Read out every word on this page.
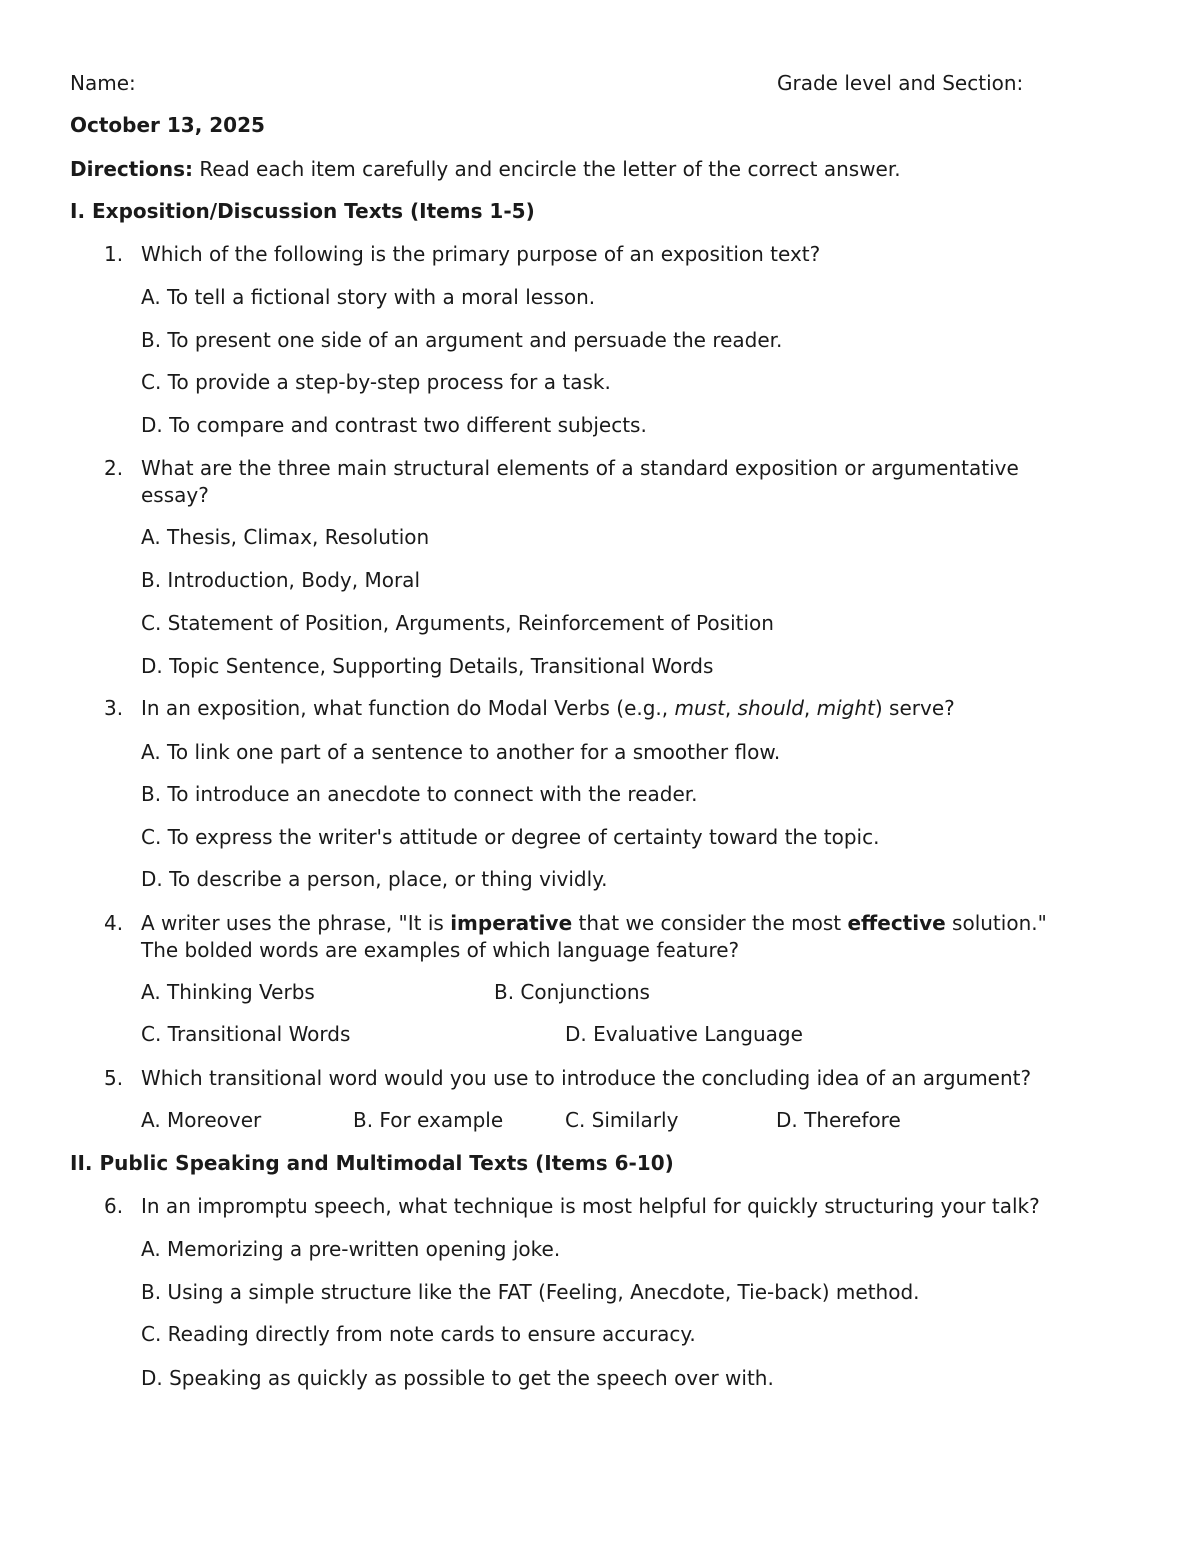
Name:	Grade level and Section:
October 13, 2025
Directions: Read each item carefully and encircle the letter of the correct answer.
I. Exposition/Discussion Texts (Items 1-5)
1. Which of the following is the primary purpose of an exposition text?
A. To tell a fictional story with a moral lesson.
B. To present one side of an argument and persuade the reader.
C. To provide a step-by-step process for a task.
D. To compare and contrast two different subjects.
2. What are the three main structural elements of a standard exposition or argumentative
essay?
A. Thesis, Climax, Resolution
B. Introduction, Body, Moral
C. Statement of Position, Arguments, Reinforcement of Position
D. Topic Sentence, Supporting Details, Transitional Words
3. In an exposition, what function do Modal Verbs (e.g., must, should, might) serve?
A. To link one part of a sentence to another for a smoother flow.
B. To introduce an anecdote to connect with the reader.
C. To express the writer's attitude or degree of certainty toward the topic.
D. To describe a person, place, or thing vividly.
4. A writer uses the phrase, "It is imperative that we consider the most effective solution."
The bolded words are examples of which language feature?
A. Thinking Verbs	B. Conjunctions
C. Transitional Words	D. Evaluative Language
5. Which transitional word would you use to introduce the concluding idea of an argument?
A. Moreover	B. For example	C. Similarly	D. Therefore
II. Public Speaking and Multimodal Texts (Items 6-10)
6. In an impromptu speech, what technique is most helpful for quickly structuring your talk?
A. Memorizing a pre-written opening joke.
B. Using a simple structure like the FAT (Feeling, Anecdote, Tie-back) method.
C. Reading directly from note cards to ensure accuracy.
D. Speaking as quickly as possible to get the speech over with.
